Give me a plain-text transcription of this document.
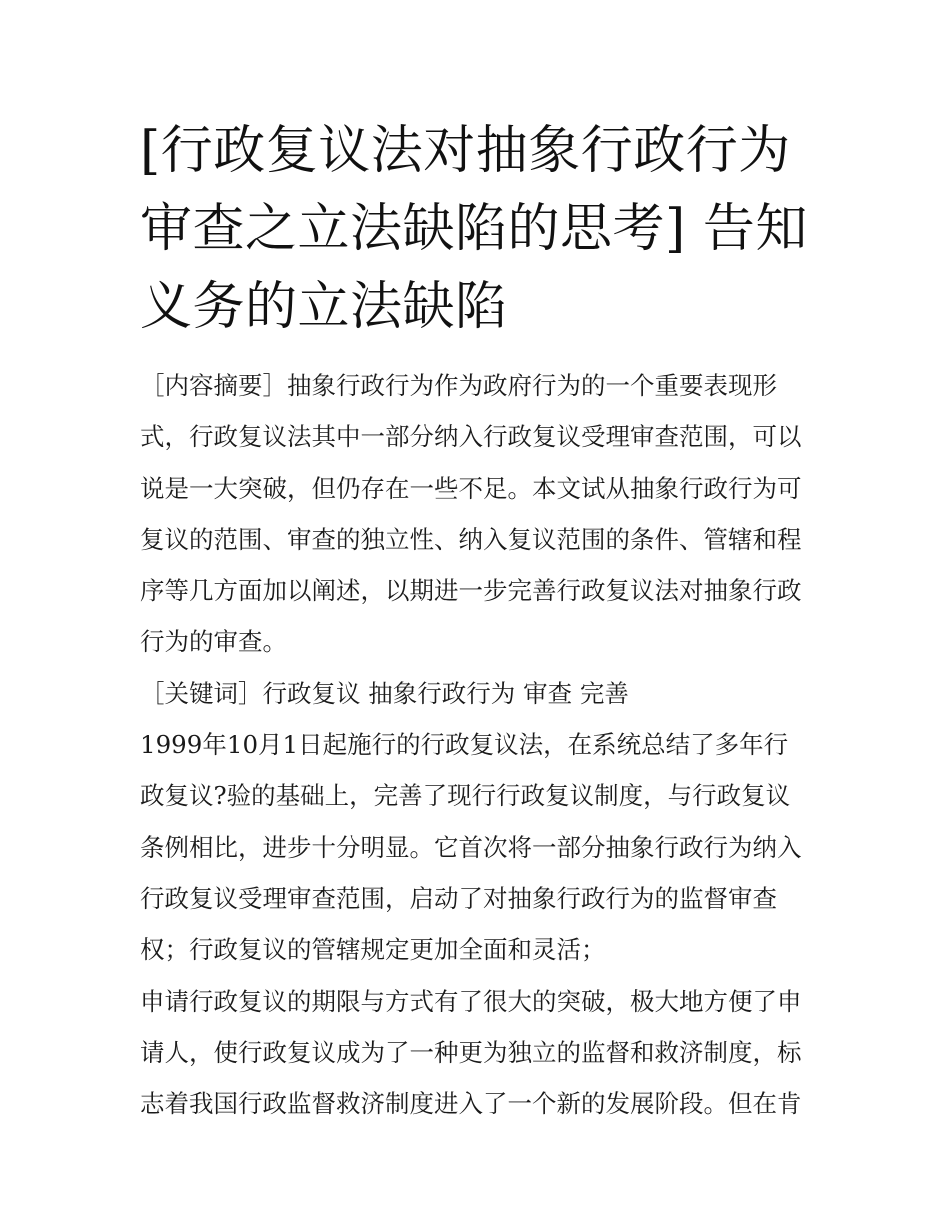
[行政复议法对抽象行政行为审查之立法缺陷的思考] 告知义务的立法缺陷

［内容摘要］抽象行政行为作为政府行为的一个重要表现形式，行政复议法其中一部分纳入行政复议受理审查范围，可以说是一大突破，但仍存在一些不足。本文试从抽象行政行为可复议的范围、审查的独立性、纳入复议范围的条件、管辖和程序等几方面加以阐述，以期进一步完善行政复议法对抽象行政行为的审查。

［关键词］行政复议 抽象行政行为 审查 完善

1999年10月1日起施行的行政复议法，在系统总结了多年行政复议?验的基础上，完善了现行行政复议制度，与行政复议条例相比，进步十分明显。它首次将一部分抽象行政行为纳入行政复议受理审查范围，启动了对抽象行政行为的监督审查权；行政复议的管辖规定更加全面和灵活；

申请行政复议的期限与方式有了很大的突破，极大地方便了申请人，使行政复议成为了一种更为独立的监督和救济制度，标志着我国行政监督救济制度进入了一个新的发展阶段。但在肯
